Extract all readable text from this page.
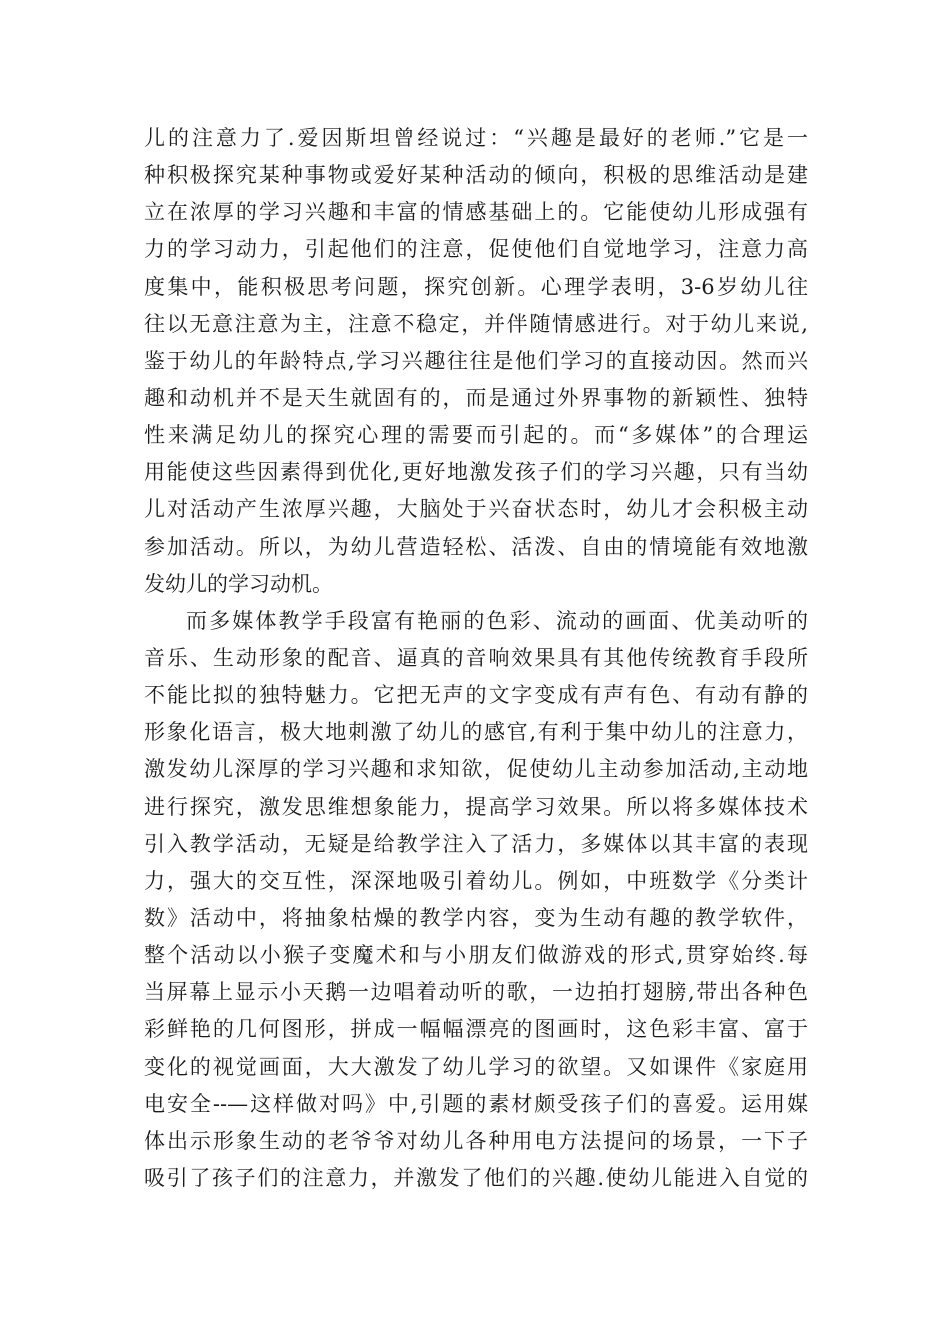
儿的注意力了.爱因斯坦曾经说过：“兴趣是最好的老师.”它是一
种积极探究某种事物或爱好某种活动的倾向，积极的思维活动是建
立在浓厚的学习兴趣和丰富的情感基础上的。它能使幼儿形成强有
力的学习动力，引起他们的注意，促使他们自觉地学习，注意力高
度集中，能积极思考问题，探究创新。心理学表明，3-6岁幼儿往
往以无意注意为主，注意不稳定，并伴随情感进行。对于幼儿来说,
鉴于幼儿的年龄特点,学习兴趣往往是他们学习的直接动因。然而兴
趣和动机并不是天生就固有的，而是通过外界事物的新颖性、独特
性来满足幼儿的探究心理的需要而引起的。而“多媒体”的合理运
用能使这些因素得到优化,更好地激发孩子们的学习兴趣，只有当幼
儿对活动产生浓厚兴趣，大脑处于兴奋状态时，幼儿才会积极主动
参加活动。所以，为幼儿营造轻松、活泼、自由的情境能有效地激
发幼儿的学习动机。
而多媒体教学手段富有艳丽的色彩、流动的画面、优美动听的
音乐、生动形象的配音、逼真的音响效果具有其他传统教育手段所
不能比拟的独特魅力。它把无声的文字变成有声有色、有动有静的
形象化语言，极大地刺激了幼儿的感官,有利于集中幼儿的注意力，
激发幼儿深厚的学习兴趣和求知欲，促使幼儿主动参加活动,主动地
进行探究，激发思维想象能力，提高学习效果。所以将多媒体技术
引入教学活动，无疑是给教学注入了活力，多媒体以其丰富的表现
力，强大的交互性，深深地吸引着幼儿。例如，中班数学《分类计
数》活动中，将抽象枯燥的教学内容，变为生动有趣的教学软件，
整个活动以小猴子变魔术和与小朋友们做游戏的形式,贯穿始终.每
当屏幕上显示小天鹅一边唱着动听的歌，一边拍打翅膀,带出各种色
彩鲜艳的几何图形，拼成一幅幅漂亮的图画时，这色彩丰富、富于
变化的视觉画面，大大激发了幼儿学习的欲望。又如课件《家庭用
电安全--—这样做对吗》中,引题的素材颇受孩子们的喜爱。运用媒
体出示形象生动的老爷爷对幼儿各种用电方法提问的场景，一下子
吸引了孩子们的注意力，并激发了他们的兴趣.使幼儿能进入自觉的
